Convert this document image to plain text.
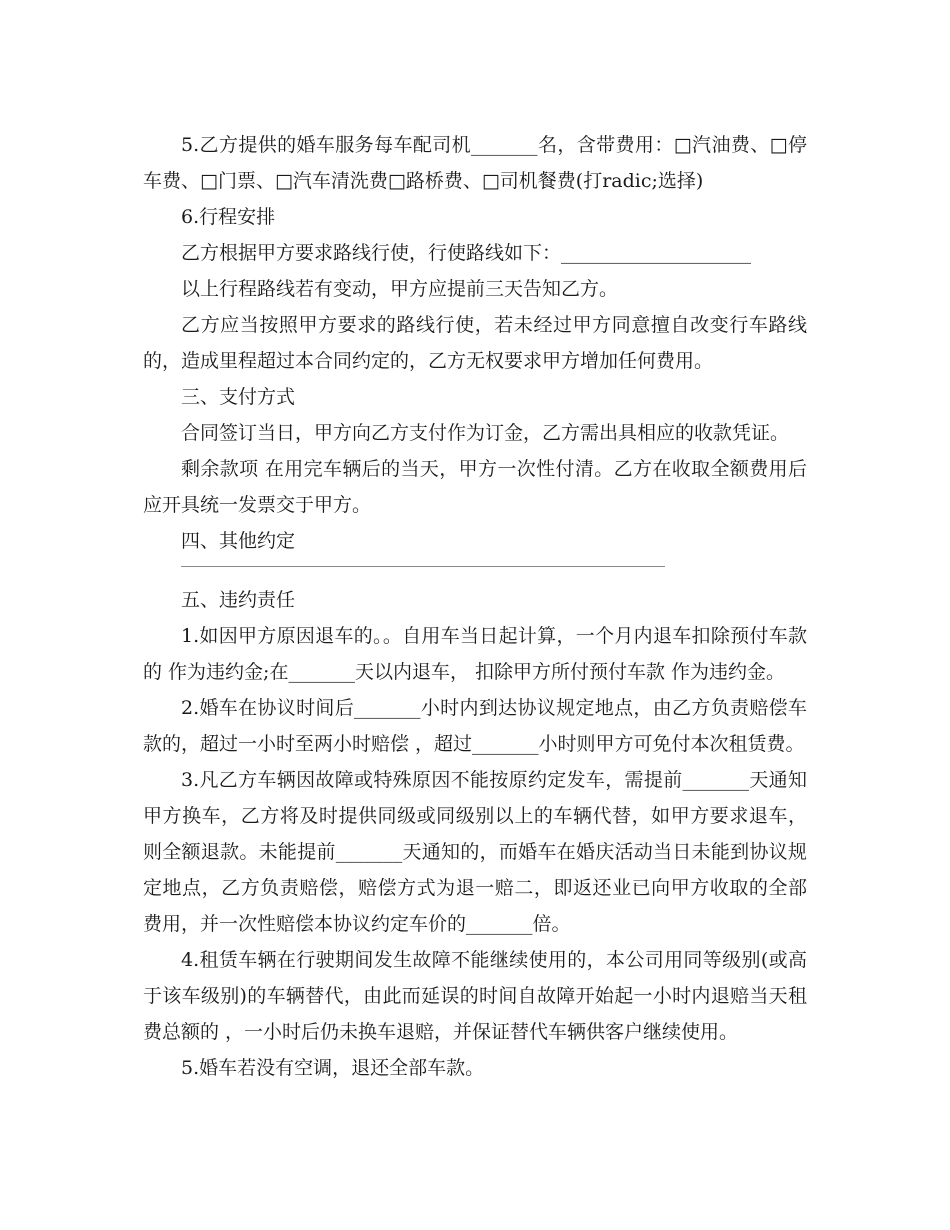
5.乙方提供的婚车服务每车配司机_______名，含带费用：□汽油费、□停车费、□门票、□汽车清洗费□路桥费、□司机餐费(打radic;选择)

6.行程安排

乙方根据甲方要求路线行使，行使路线如下：____________________

以上行程路线若有变动，甲方应提前三天告知乙方。

乙方应当按照甲方要求的路线行使，若未经过甲方同意擅自改变行车路线的，造成里程超过本合同约定的，乙方无权要求甲方增加任何费用。

三、支付方式

合同签订当日，甲方向乙方支付作为订金，乙方需出具相应的收款凭证。

剩余款项 在用完车辆后的当天，甲方一次性付清。乙方在收取全额费用后应开具统一发票交于甲方。

四、其他约定

五、违约责任

1.如因甲方原因退车的。。自用车当日起计算，一个月内退车扣除预付车款的 作为违约金;在_______天以内退车， 扣除甲方所付预付车款 作为违约金。

2.婚车在协议时间后_______小时内到达协议规定地点，由乙方负责赔偿车款的，超过一小时至两小时赔偿 ，超过_______小时则甲方可免付本次租赁费。

3.凡乙方车辆因故障或特殊原因不能按原约定发车，需提前_______天通知甲方换车，乙方将及时提供同级或同级别以上的车辆代替，如甲方要求退车，则全额退款。未能提前_______天通知的，而婚车在婚庆活动当日未能到协议规定地点，乙方负责赔偿，赔偿方式为退一赔二，即返还业已向甲方收取的全部费用，并一次性赔偿本协议约定车价的_______倍。

4.租赁车辆在行驶期间发生故障不能继续使用的，本公司用同等级别(或高于该车级别)的车辆替代，由此而延误的时间自故障开始起一小时内退赔当天租费总额的 ，一小时后仍未换车退赔，并保证替代车辆供客户继续使用。

5.婚车若没有空调，退还全部车款。
